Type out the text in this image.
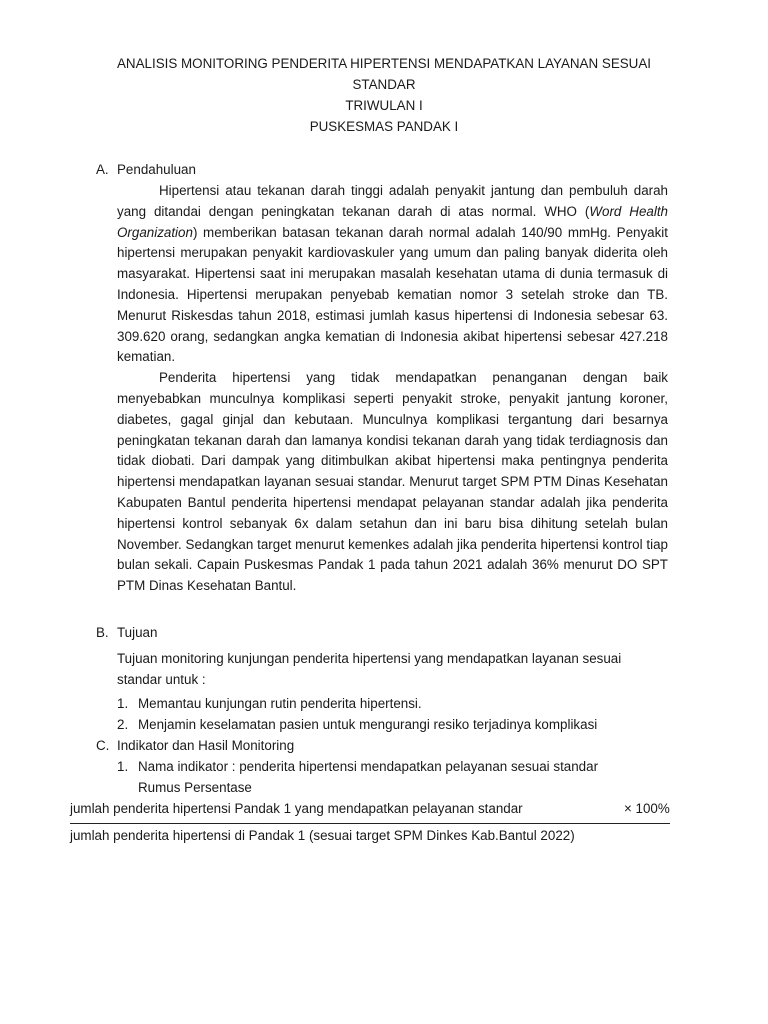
ANALISIS MONITORING PENDERITA HIPERTENSI MENDAPATKAN LAYANAN SESUAI
STANDAR
TRIWULAN I
PUSKESMAS PANDAK I
A. Pendahuluan

Hipertensi atau tekanan darah tinggi adalah penyakit jantung dan pembuluh darah yang ditandai dengan peningkatan tekanan darah di atas normal. WHO (Word Health Organization) memberikan batasan tekanan darah normal adalah 140/90 mmHg. Penyakit hipertensi merupakan penyakit kardiovaskuler yang umum dan paling banyak diderita oleh masyarakat. Hipertensi saat ini merupakan masalah kesehatan utama di dunia termasuk di Indonesia. Hipertensi merupakan penyebab kematian nomor 3 setelah stroke dan TB. Menurut Riskesdas tahun 2018, estimasi jumlah kasus hipertensi di Indonesia sebesar 63. 309.620 orang, sedangkan angka kematian di Indonesia akibat hipertensi sebesar 427.218 kematian.

Penderita hipertensi yang tidak mendapatkan penanganan dengan baik menyebabkan munculnya komplikasi seperti penyakit stroke, penyakit jantung koroner, diabetes, gagal ginjal dan kebutaan. Munculnya komplikasi tergantung dari besarnya peningkatan tekanan darah dan lamanya kondisi tekanan darah yang tidak terdiagnosis dan tidak diobati. Dari dampak yang ditimbulkan akibat hipertensi maka pentingnya penderita hipertensi mendapatkan layanan sesuai standar. Menurut target SPM PTM Dinas Kesehatan Kabupaten Bantul penderita hipertensi mendapat pelayanan standar adalah jika penderita hipertensi kontrol sebanyak 6x dalam setahun dan ini baru bisa dihitung setelah bulan November. Sedangkan target menurut kemenkes adalah jika penderita hipertensi kontrol tiap bulan sekali. Capain Puskesmas Pandak 1 pada tahun 2021 adalah 36% menurut DO SPT PTM Dinas Kesehatan Bantul.

B. Tujuan
Tujuan monitoring kunjungan penderita hipertensi yang mendapatkan layanan sesuai standar untuk :
1. Memantau kunjungan rutin penderita hipertensi.
2. Menjamin keselamatan pasien untuk mengurangi resiko terjadinya komplikasi
C. Indikator dan Hasil Monitoring
1. Nama indikator : penderita hipertensi mendapatkan pelayanan sesuai standar
Rumus Persentase
jumlah penderita hipertensi Pandak 1 yang mendapatkan pelayanan standar	× 100%
jumlah penderita hipertensi di Pandak 1 (sesuai target SPM Dinkes Kab.Bantul 2022)
